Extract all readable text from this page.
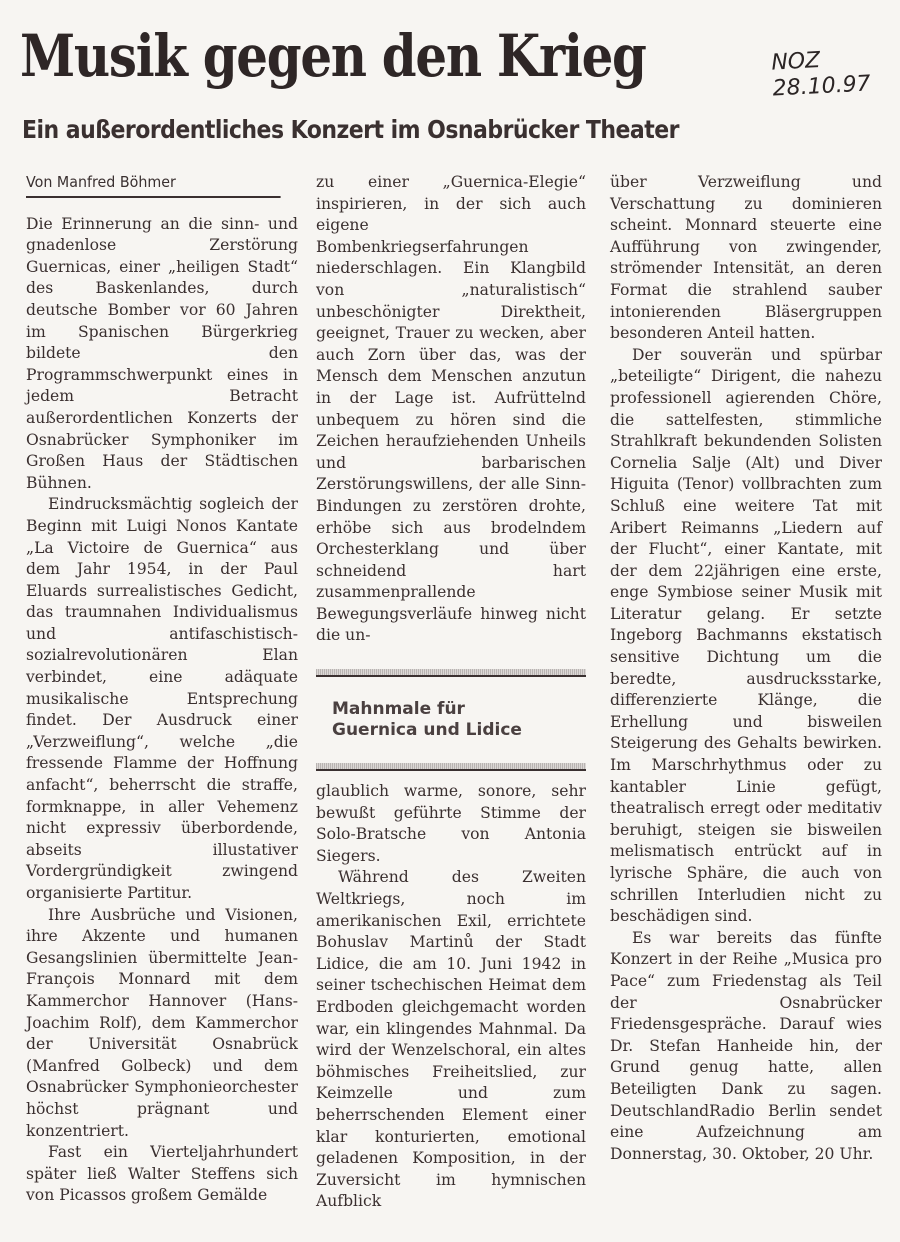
Musik gegen den Krieg	NOZ
28.10.97
Ein außerordentliches Konzert im Osnabrücker Theater
Von Manfred Böhmer

Die Erinnerung an die sinn- und gnadenlose Zerstörung Guernicas, einer „heiligen Stadt“ des Baskenlandes, durch deutsche Bomber vor 60 Jahren im Spanischen Bürgerkrieg bildete den Programmschwerpunkt eines in jedem Betracht außerordentlichen Konzerts der Osnabrücker Symphoniker im Großen Haus der Städtischen Bühnen.

Eindrucksmächtig sogleich der Beginn mit Luigi Nonos Kantate „La Victoire de Guernica“ aus dem Jahr 1954, in der Paul Eluards surrealistisches Gedicht, das traumnahen Individualismus und antifaschistisch-sozialrevolutionären Elan verbindet, eine adäquate musikalische Entsprechung findet. Der Ausdruck einer „Verzweiflung“, welche „die fressende Flamme der Hoffnung anfacht“, beherrscht die straffe, formknappe, in aller Vehemenz nicht expressiv überbordende, abseits illustativer Vordergründigkeit zwingend organisierte Partitur.

Ihre Ausbrüche und Visionen, ihre Akzente und humanen Gesangslinien übermittelte Jean-François Monnard mit dem Kammerchor Hannover (Hans-Joachim Rolf), dem Kammerchor der Universität Osnabrück (Manfred Golbeck) und dem Osnabrücker Symphonieorchester höchst prägnant und konzentriert.

Fast ein Vierteljahrhundert später ließ Walter Steffens sich von Picassos großem Gemälde

zu einer „Guernica-Elegie“ inspirieren, in der sich auch eigene Bombenkriegserfahrungen niederschlagen. Ein Klangbild von „naturalistisch“ unbeschönigter Direktheit, geeignet, Trauer zu wecken, aber auch Zorn über das, was der Mensch dem Menschen anzutun in der Lage ist. Aufrüttelnd unbequem zu hören sind die Zeichen heraufziehenden Unheils und barbarischen Zerstörungswillens, der alle Sinn-Bindungen zu zerstören drohte, erhöbe sich aus brodelndem Orchesterklang und über schneidend hart zusammenprallende Bewegungsverläufe hinweg nicht die un-

Mahnmale für
Guernica und Lidice

glaublich warme, sonore, sehr bewußt geführte Stimme der Solo-Bratsche von Antonia Siegers.

Während des Zweiten Weltkriegs, noch im amerikanischen Exil, errichtete Bohuslav Martinů der Stadt Lidice, die am 10. Juni 1942 in seiner tschechischen Heimat dem Erdboden gleichgemacht worden war, ein klingendes Mahnmal. Da wird der Wenzelschoral, ein altes böhmisches Freiheitslied, zur Keimzelle und zum beherrschenden Element einer klar konturierten, emotional geladenen Komposition, in der Zuversicht im hymnischen Aufblick

über Verzweiflung und Verschattung zu dominieren scheint. Monnard steuerte eine Aufführung von zwingender, strömender Intensität, an deren Format die strahlend sauber intonierenden Bläsergruppen besonderen Anteil hatten.

Der souverän und spürbar „beteiligte“ Dirigent, die nahezu professionell agierenden Chöre, die sattelfesten, stimmliche Strahlkraft bekundenden Solisten Cornelia Salje (Alt) und Diver Higuita (Tenor) vollbrachten zum Schluß eine weitere Tat mit Aribert Reimanns „Liedern auf der Flucht“, einer Kantate, mit der dem 22jährigen eine erste, enge Symbiose seiner Musik mit Literatur gelang. Er setzte Ingeborg Bachmanns ekstatisch sensitive Dichtung um die beredte, ausdrucksstarke, differenzierte Klänge, die Erhellung und bisweilen Steigerung des Gehalts bewirken. Im Marschrhythmus oder zu kantabler Linie gefügt, theatralisch erregt oder meditativ beruhigt, steigen sie bisweilen melismatisch entrückt auf in lyrische Sphäre, die auch von schrillen Interludien nicht zu beschädigen sind.

Es war bereits das fünfte Konzert in der Reihe „Musica pro Pace“ zum Friedenstag als Teil der Osnabrücker Friedensgespräche. Darauf wies Dr. Stefan Hanheide hin, der Grund genug hatte, allen Beteiligten Dank zu sagen. DeutschlandRadio Berlin sendet eine Aufzeichnung am Donnerstag, 30. Oktober, 20 Uhr.
